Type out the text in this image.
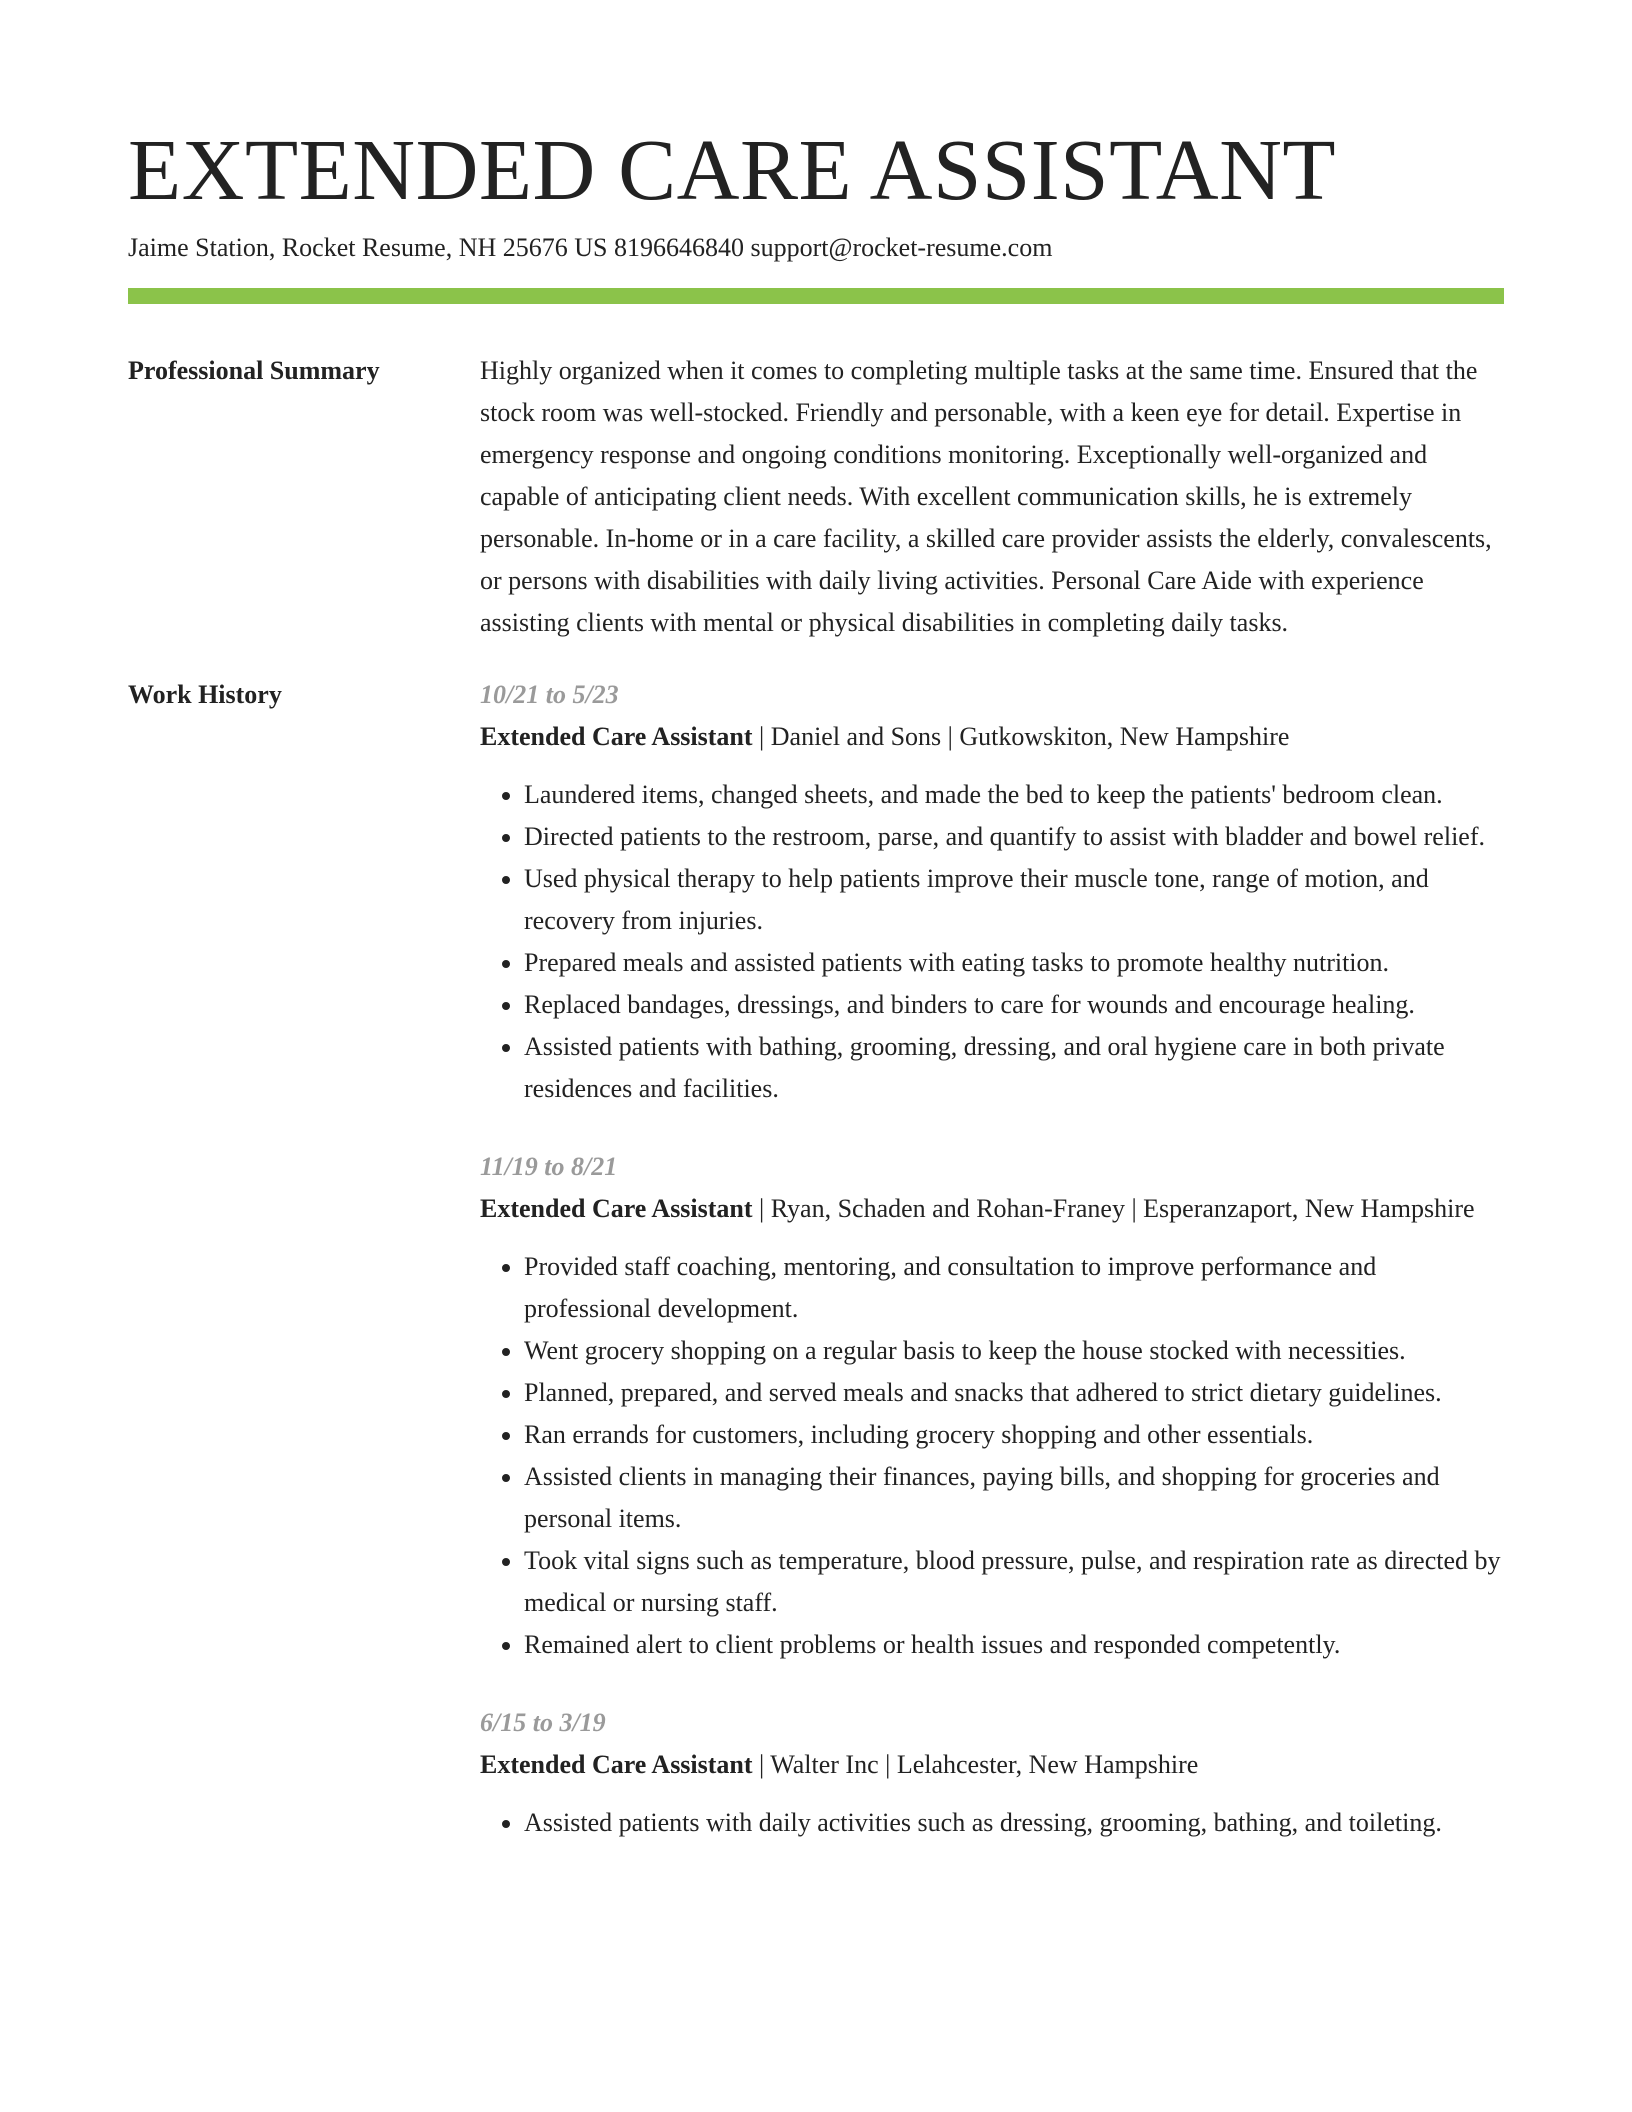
EXTENDED CARE ASSISTANT
Jaime Station, Rocket Resume, NH 25676 US 8196646840 support@rocket-resume.com
Professional Summary	Highly organized when it comes to completing multiple tasks at the same time. Ensured that the stock room was well-stocked. Friendly and personable, with a keen eye for detail. Expertise in emergency response and ongoing conditions monitoring. Exceptionally well-organized and capable of anticipating client needs. With excellent communication skills, he is extremely personable. In-home or in a care facility, a skilled care provider assists the elderly, convalescents, or persons with disabilities with daily living activities. Personal Care Aide with experience assisting clients with mental or physical disabilities in completing daily tasks.

Work History	10/21 to 5/23
Extended Care Assistant | Daniel and Sons | Gutkowskiton, New Hampshire
• Laundered items, changed sheets, and made the bed to keep the patients' bedroom clean.
• Directed patients to the restroom, parse, and quantify to assist with bladder and bowel relief.
• Used physical therapy to help patients improve their muscle tone, range of motion, and recovery from injuries.
• Prepared meals and assisted patients with eating tasks to promote healthy nutrition.
• Replaced bandages, dressings, and binders to care for wounds and encourage healing.
• Assisted patients with bathing, grooming, dressing, and oral hygiene care in both private residences and facilities.
11/19 to 8/21
Extended Care Assistant | Ryan, Schaden and Rohan-Franey | Esperanzaport, New Hampshire
• Provided staff coaching, mentoring, and consultation to improve performance and professional development.
• Went grocery shopping on a regular basis to keep the house stocked with necessities.
• Planned, prepared, and served meals and snacks that adhered to strict dietary guidelines.
• Ran errands for customers, including grocery shopping and other essentials.
• Assisted clients in managing their finances, paying bills, and shopping for groceries and personal items.
• Took vital signs such as temperature, blood pressure, pulse, and respiration rate as directed by medical or nursing staff.
• Remained alert to client problems or health issues and responded competently.
6/15 to 3/19
Extended Care Assistant | Walter Inc | Lelahcester, New Hampshire
• Assisted patients with daily activities such as dressing, grooming, bathing, and toileting.
